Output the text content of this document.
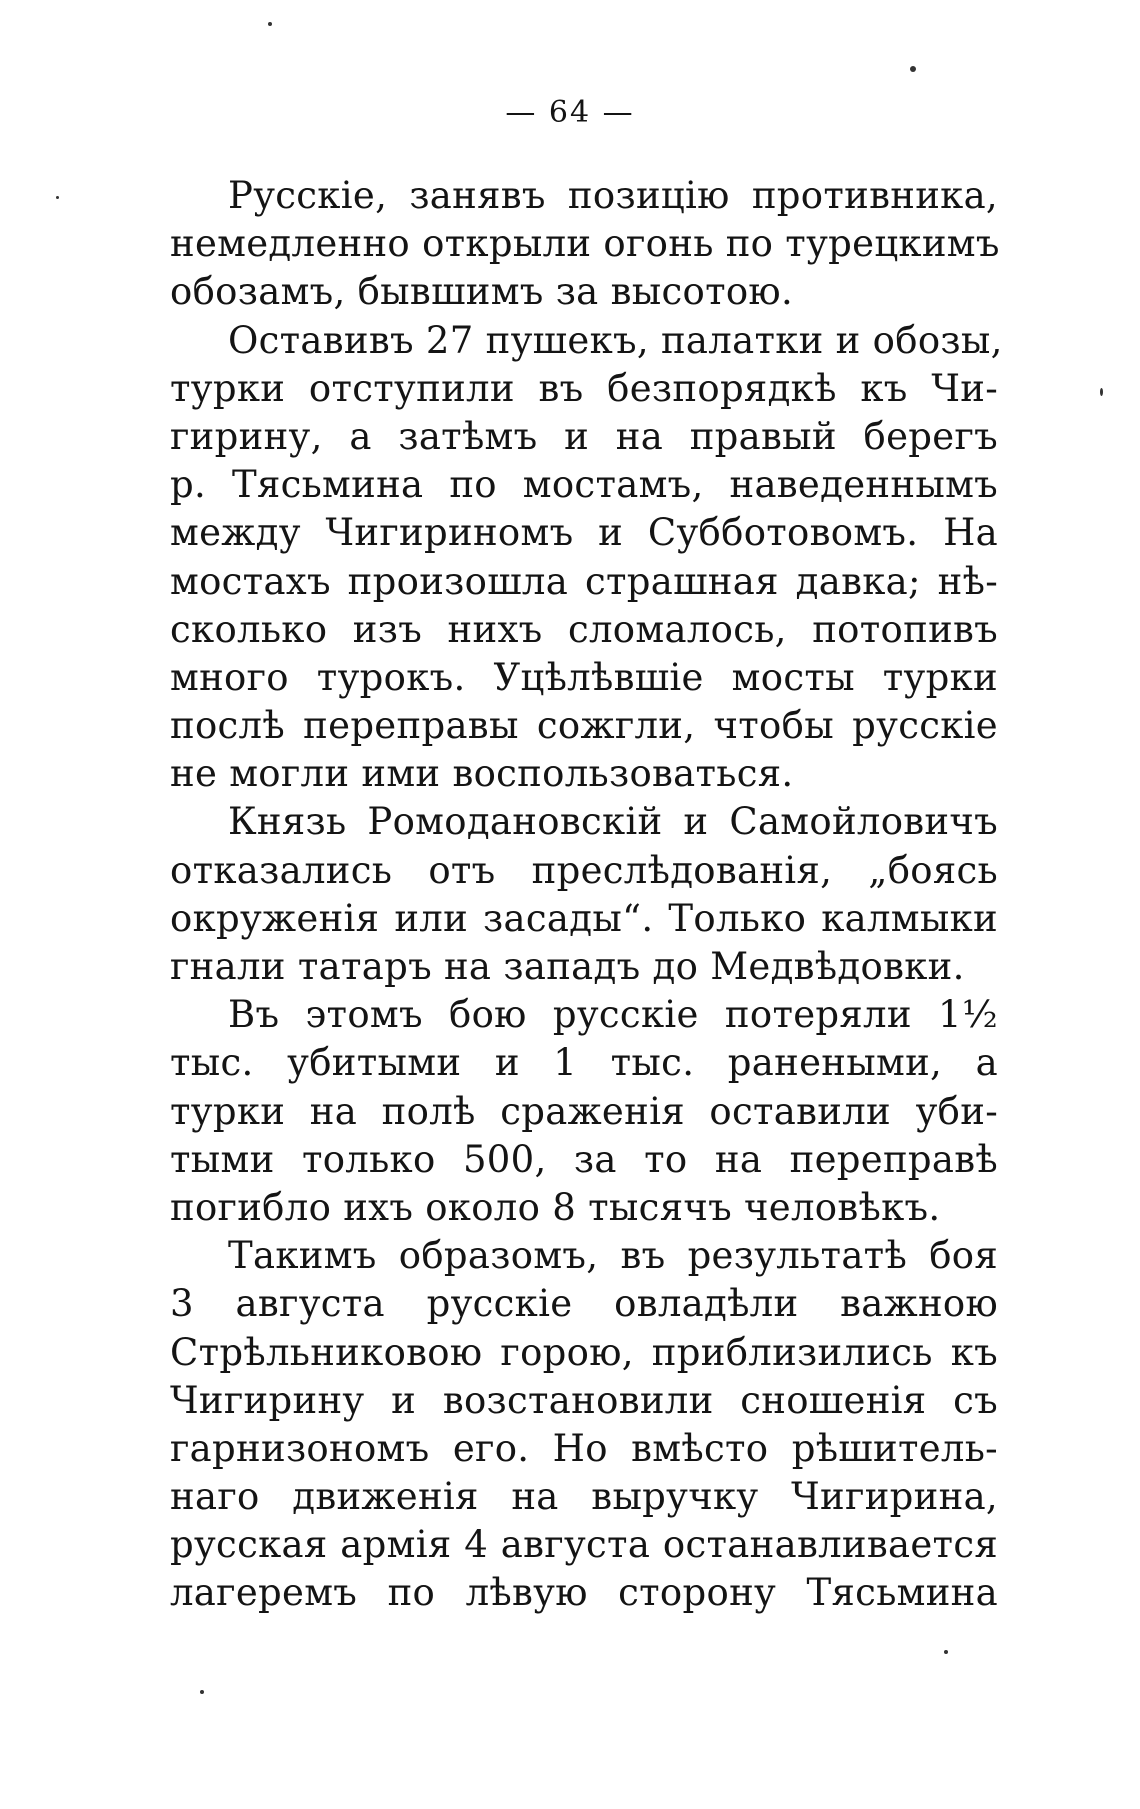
— 64 —
Русскіе, занявъ позицію противника,
немедленно открыли огонь по турецкимъ
обозамъ, бывшимъ за высотою.
Оставивъ 27 пушекъ, палатки и обозы,
турки отступили въ безпорядкѣ къ Чи-
гирину, а затѣмъ и на правый берегъ
р. Тясьмина по мостамъ, наведеннымъ
между Чигириномъ и Субботовомъ. На
мостахъ произошла страшная давка; нѣ-
сколько изъ нихъ сломалось, потопивъ
много турокъ. Уцѣлѣвшіе мосты турки
послѣ переправы сожгли, чтобы русскіе
не могли ими воспользоваться.
Князь Ромодановскій и Самойловичъ
отказались отъ преслѣдованія, „боясь
окруженія или засады“. Только калмыки
гнали татаръ на западъ до Медвѣдовки.
Въ этомъ бою русскіе потеряли 1½
тыс. убитыми и 1 тыс. ранеными, а
турки на полѣ сраженія оставили уби-
тыми только 500, за то на переправѣ
погибло ихъ около 8 тысячъ человѣкъ.
Такимъ образомъ, въ результатѣ боя
3 августа русскіе овладѣли важною
Стрѣльниковою горою, приблизились къ
Чигирину и возстановили сношенія съ
гарнизономъ его. Но вмѣсто рѣшитель-
наго движенія на выручку Чигирина,
русская армія 4 августа останавливается
лагеремъ по лѣвую сторону Тясьмина
